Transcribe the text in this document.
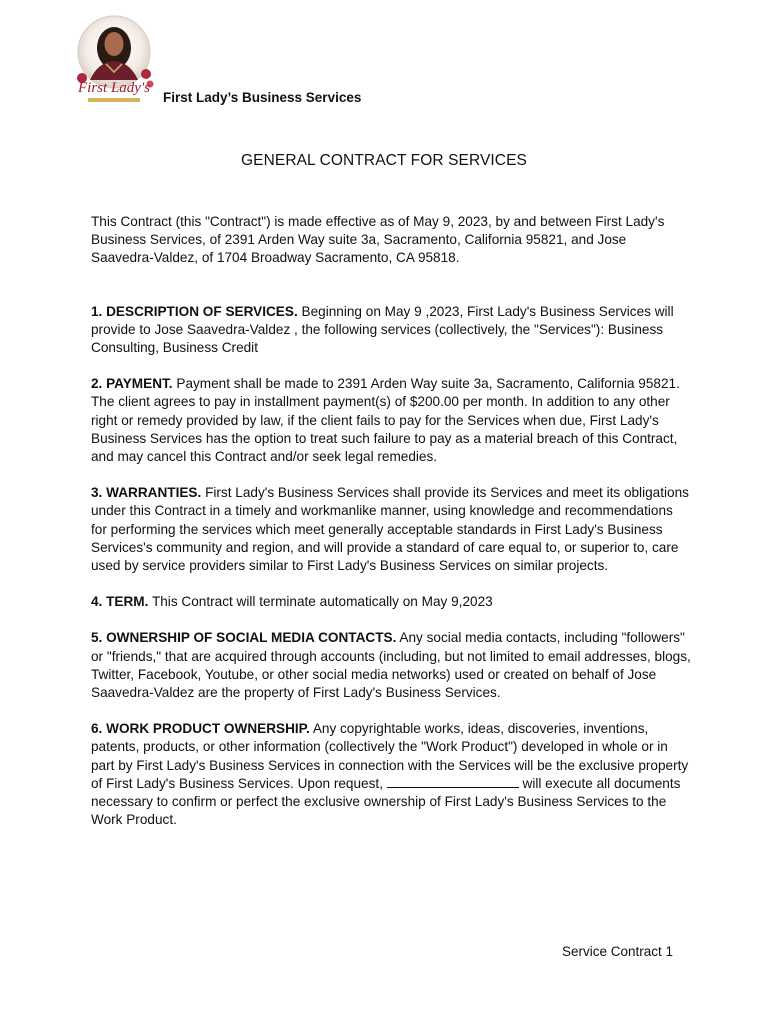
First Lady's
First Lady’s Business Services
GENERAL CONTRACT FOR SERVICES

This Contract (this "Contract") is made effective as of May 9, 2023, by and between First Lady's Business Services, of 2391 Arden Way suite 3a, Sacramento, California 95821, and Jose Saavedra-Valdez, of 1704 Broadway Sacramento, CA 95818.

1. DESCRIPTION OF SERVICES. Beginning on May 9 ,2023, First Lady's Business Services will provide to Jose Saavedra-Valdez , the following services (collectively, the "Services"): Business Consulting, Business Credit

2. PAYMENT. Payment shall be made to 2391 Arden Way suite 3a, Sacramento, California 95821. The client agrees to pay in installment payment(s) of $200.00 per month. In addition to any other right or remedy provided by law, if the client fails to pay for the Services when due, First Lady's Business Services has the option to treat such failure to pay as a material breach of this Contract, and may cancel this Contract and/or seek legal remedies.

3. WARRANTIES. First Lady's Business Services shall provide its Services and meet its obligations under this Contract in a timely and workmanlike manner, using knowledge and recommendations for performing the services which meet generally acceptable standards in First Lady's Business Services's community and region, and will provide a standard of care equal to, or superior to, care used by service providers similar to First Lady's Business Services on similar projects.

4. TERM. This Contract will terminate automatically on May 9,2023

5. OWNERSHIP OF SOCIAL MEDIA CONTACTS. Any social media contacts, including "followers" or "friends," that are acquired through accounts (including, but not limited to email addresses, blogs, Twitter, Facebook, Youtube, or other social media networks) used or created on behalf of Jose Saavedra-Valdez are the property of First Lady's Business Services.

6. WORK PRODUCT OWNERSHIP. Any copyrightable works, ideas, discoveries, inventions, patents, products, or other information (collectively the "Work Product") developed in whole or in part by First Lady's Business Services in connection with the Services will be the exclusive property of First Lady's Business Services. Upon request,	will execute all documents necessary to confirm or perfect the exclusive ownership of First Lady's Business Services to the Work Product.

Service Contract 1
